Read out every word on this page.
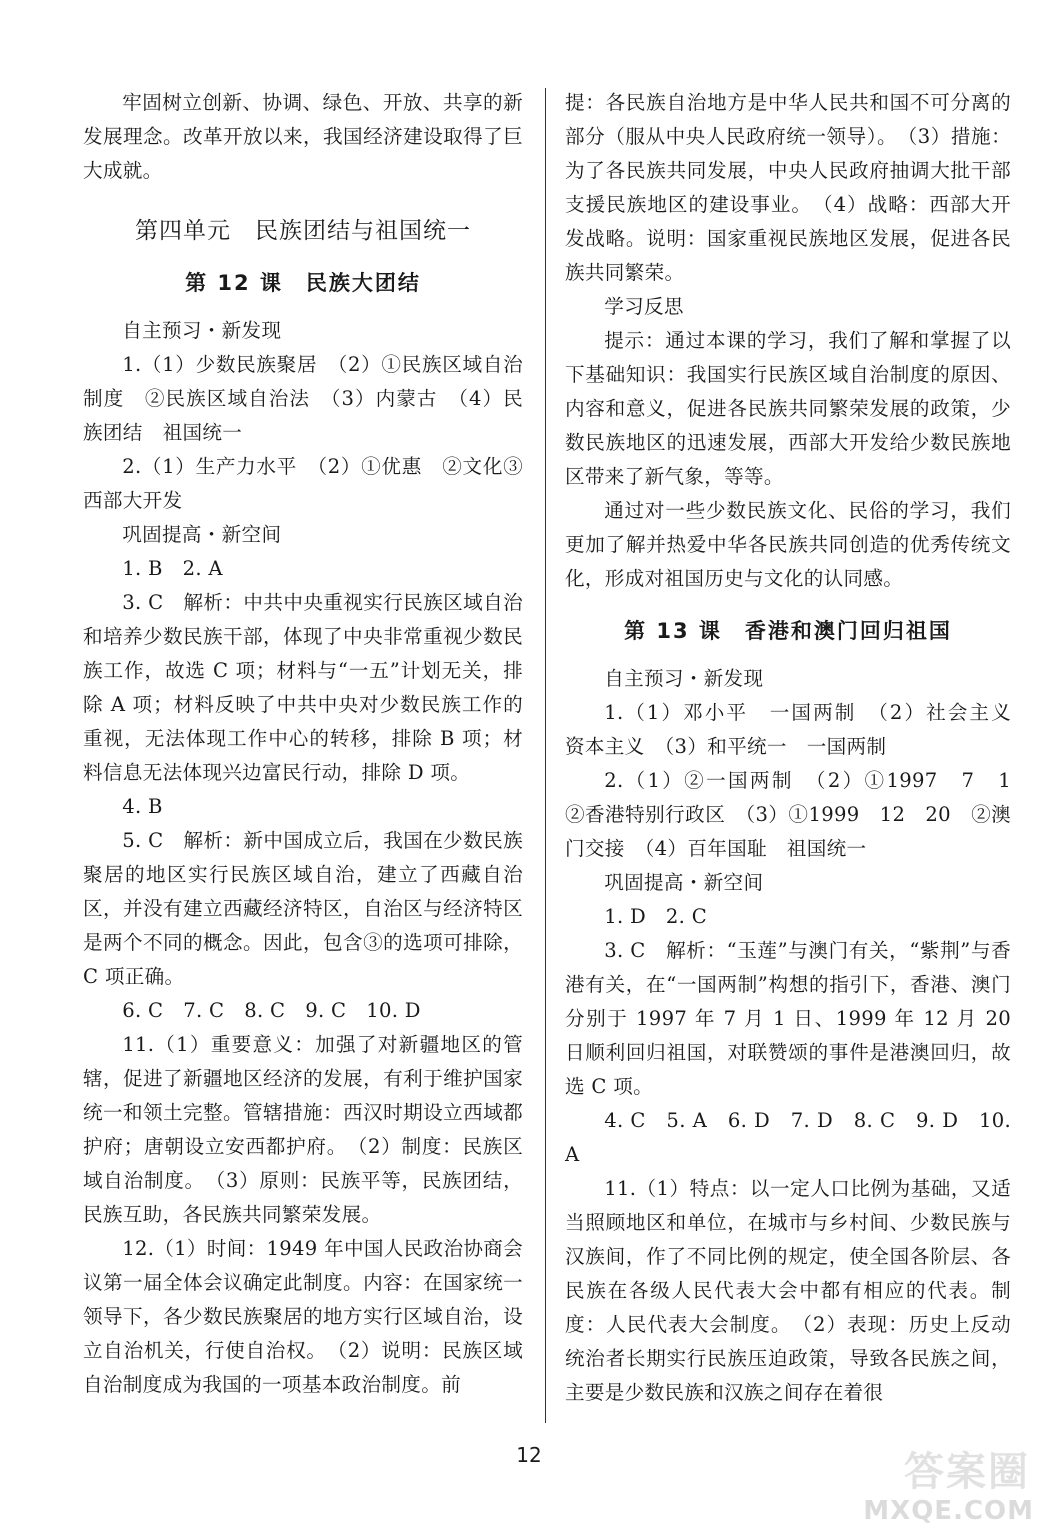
牢固树立创新、协调、绿色、开放、共享的新发展理念。改革开放以来，我国经济建设取得了巨大成就。

第四单元　民族团结与祖国统一
第 12 课　民族大团结

自主预习・新发现

1.（1）少数民族聚居　（2）①民族区域自治制度　②民族区域自治法　（3）内蒙古　（4）民族团结　祖国统一

2.（1）生产力水平　（2）①优惠　②文化③西部大开发

巩固提高・新空间

1. B　2. A

3. C　解析：中共中央重视实行民族区域自治和培养少数民族干部，体现了中央非常重视少数民族工作，故选 C 项；材料与“一五”计划无关，排除 A 项；材料反映了中共中央对少数民族工作的重视，无法体现工作中心的转移，排除 B 项；材料信息无法体现兴边富民行动，排除 D 项。

4. B

5. C　解析：新中国成立后，我国在少数民族聚居的地区实行民族区域自治，建立了西藏自治区，并没有建立西藏经济特区，自治区与经济特区是两个不同的概念。因此，包含③的选项可排除，C 项正确。

6. C　7. C　8. C　9. C　10. D

11.（1）重要意义：加强了对新疆地区的管辖，促进了新疆地区经济的发展，有利于维护国家统一和领土完整。管辖措施：西汉时期设立西域都护府；唐朝设立安西都护府。　（2）制度：民族区域自治制度。　（3）原则：民族平等，民族团结，民族互助，各民族共同繁荣发展。

12.（1）时间：1949 年中国人民政治协商会议第一届全体会议确定此制度。内容：在国家统一领导下，各少数民族聚居的地方实行区域自治，设立自治机关，行使自治权。　（2）说明：民族区域自治制度成为我国的一项基本政治制度。前

提：各民族自治地方是中华人民共和国不可分离的部分（服从中央人民政府统一领导）。　（3）措施：为了各民族共同发展，中央人民政府抽调大批干部支援民族地区的建设事业。　（4）战略：西部大开发战略。说明：国家重视民族地区发展，促进各民族共同繁荣。

学习反思

提示：通过本课的学习，我们了解和掌握了以下基础知识：我国实行民族区域自治制度的原因、内容和意义，促进各民族共同繁荣发展的政策，少数民族地区的迅速发展，西部大开发给少数民族地区带来了新气象，等等。

通过对一些少数民族文化、民俗的学习，我们更加了解并热爱中华各民族共同创造的优秀传统文化，形成对祖国历史与文化的认同感。

第 13 课　香港和澳门回归祖国

自主预习・新发现

1.（1）邓小平　一国两制　（2）社会主义　资本主义　（3）和平统一　一国两制

2.（1）②一国两制　（2）①1997　7　1　②香港特别行政区　（3）①1999　12　20　②澳门交接　（4）百年国耻　祖国统一

巩固提高・新空间

1. D　2. C

3. C　解析：“玉莲”与澳门有关，“紫荆”与香港有关，在“一国两制”构想的指引下，香港、澳门分别于 1997 年 7 月 1 日、1999 年 12 月 20 日顺利回归祖国，对联赞颂的事件是港澳回归，故选 C 项。

4. C　5. A　6. D　7. D　8. C　9. D　10. A

11.（1）特点：以一定人口比例为基础，又适当照顾地区和单位，在城市与乡村间、少数民族与汉族间，作了不同比例的规定，使全国各阶层、各民族在各级人民代表大会中都有相应的代表。制度：人民代表大会制度。　（2）表现：历史上反动统治者长期实行民族压迫政策，导致各民族之间，主要是少数民族和汉族之间存在着很

12	答案圈
MXQE.COM
